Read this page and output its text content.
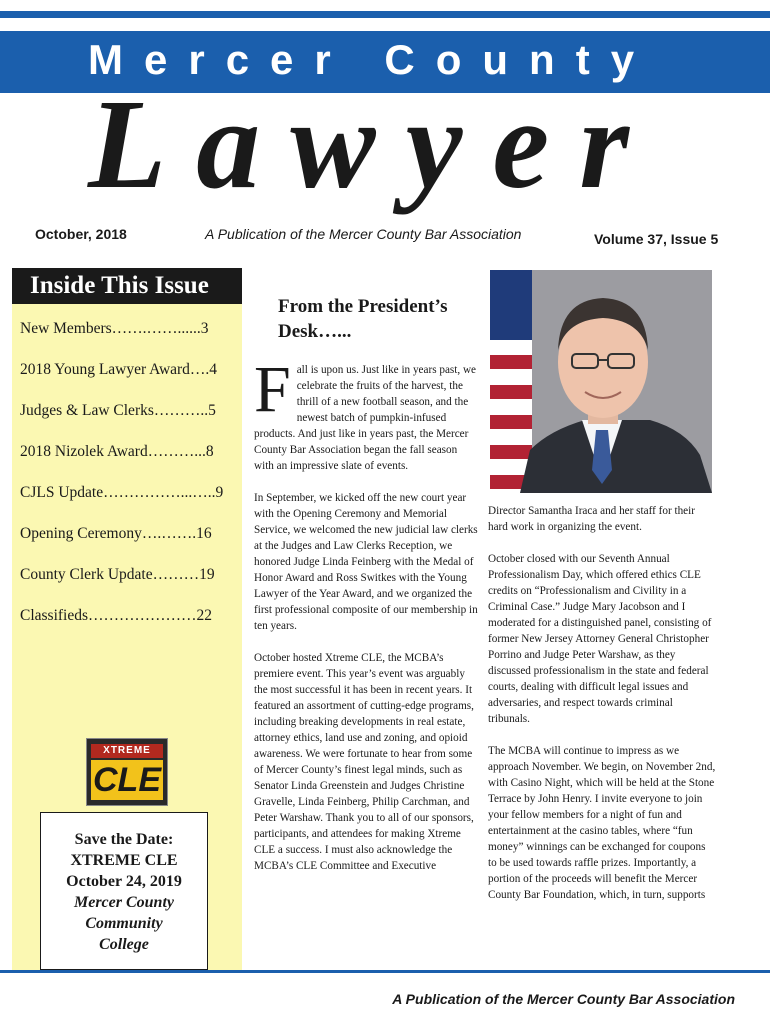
Mercer County
Lawyer
October, 2018	A Publication of the Mercer County Bar Association	Volume 37, Issue 5
Inside This Issue
New Members…….……......3
2018 Young Lawyer Award….4
Judges & Law Clerks………..5
2018 Nizolek Award………...8
CJLS Update……………...…..9
Opening Ceremony….…….16
County Clerk Update………19
Classifieds…………………22
XTREME
CLE
Save the Date:
XTREME CLE
October 24, 2019
Mercer County
Community
College
From the President’s Desk…...

Fall is upon us. Just like in years past, we celebrate the fruits of the harvest, the thrill of a new football season, and the newest batch of pumpkin-infused products. And just like in years past, the Mercer County Bar Association began the fall season with an impressive slate of events.

In September, we kicked off the new court year with the Opening Ceremony and Memorial Service, we welcomed the new judicial law clerks at the Judges and Law Clerks Reception, we honored Judge Linda Feinberg with the Medal of Honor Award and Ross Switkes with the Young Lawyer of the Year Award, and we organized the first professional composite of our membership in ten years.

October hosted Xtreme CLE, the MCBA’s premiere event. This year’s event was arguably the most successful it has been in recent years. It featured an assortment of cutting-edge programs, including breaking developments in real estate, attorney ethics, land use and zoning, and opioid awareness. We were fortunate to hear from some of Mercer County’s finest legal minds, such as Senator Linda Greenstein and Judges Christine Gravelle, Linda Feinberg, Philip Carchman, and Peter Warshaw. Thank you to all of our sponsors, participants, and attendees for making Xtreme CLE a success. I must also acknowledge the MCBA’s CLE Committee and Executive

Director Samantha Iraca and her staff for their hard work in organizing the event.

October closed with our Seventh Annual Professionalism Day, which offered ethics CLE credits on “Professionalism and Civility in a Criminal Case.” Judge Mary Jacobson and I moderated for a distinguished panel, consisting of former New Jersey Attorney General Christopher Porrino and Judge Peter Warshaw, as they discussed professionalism in the state and federal courts, dealing with difficult legal issues and adversaries, and respect towards criminal tribunals.

The MCBA will continue to impress as we approach November. We begin, on November 2nd, with Casino Night, which will be held at the Stone Terrace by John Henry. I invite everyone to join your fellow members for a night of fun and entertainment at the casino tables, where “fun money” winnings can be exchanged for coupons to be used towards raffle prizes. Importantly, a portion of the proceeds will benefit the Mercer County Bar Foundation, which, in turn, supports

A Publication of the Mercer County Bar Association
